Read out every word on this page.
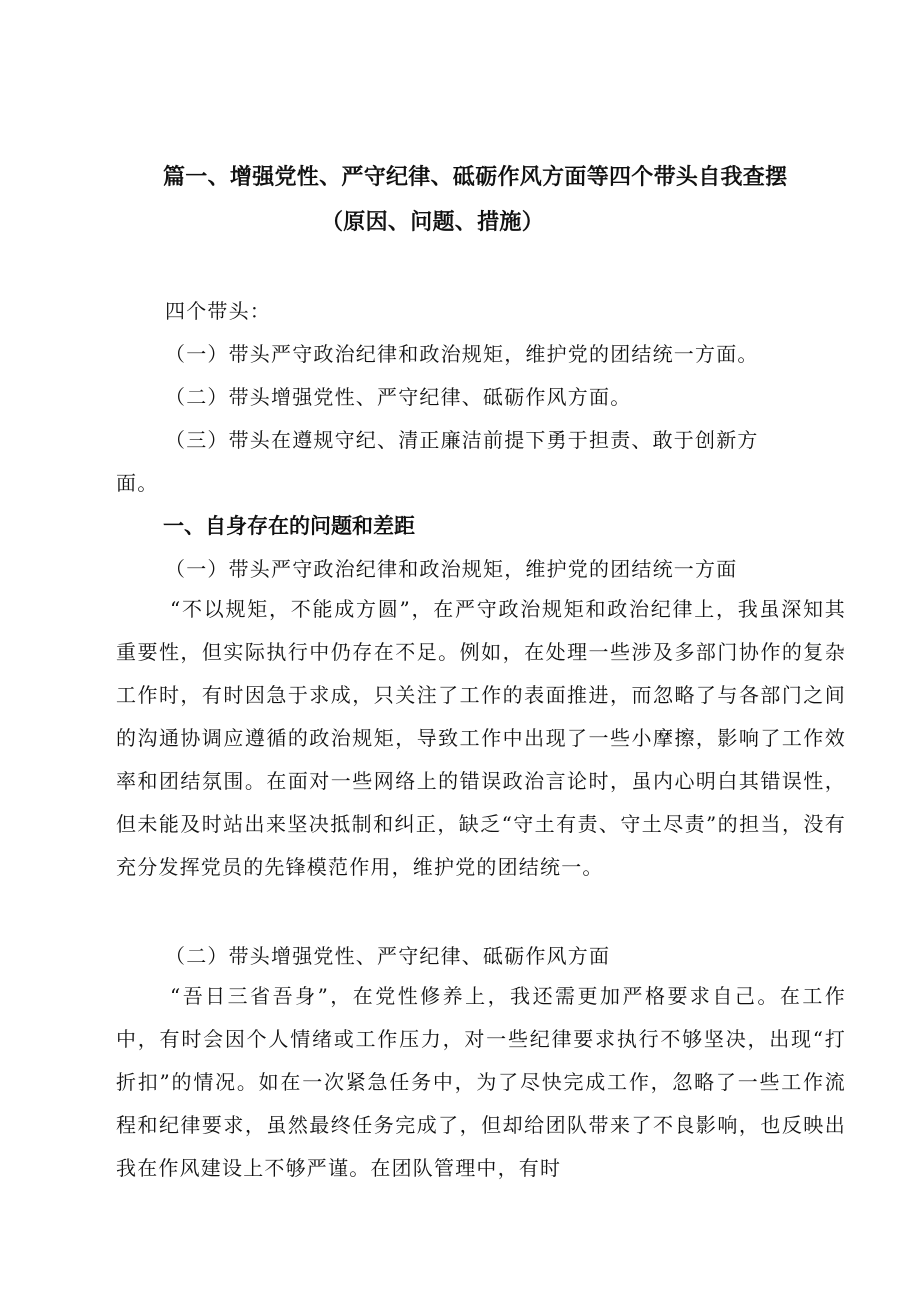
篇一、增强党性、严守纪律、砥砺作风方面等四个带头自我查摆
（原因、问题、措施）
四个带头：
（一）带头严守政治纪律和政治规矩，维护党的团结统一方面。
（二）带头增强党性、严守纪律、砥砺作风方面。
（三）带头在遵规守纪、清正廉洁前提下勇于担责、敢于创新方
面。
一、自身存在的问题和差距
（一）带头严守政治纪律和政治规矩，维护党的团结统一方面
“不以规矩，不能成方圆”，在严守政治规矩和政治纪律上，我虽深知其重要性，但实际执行中仍存在不足。例如，在处理一些涉及多部门协作的复杂工作时，有时因急于求成，只关注了工作的表面推进，而忽略了与各部门之间的沟通协调应遵循的政治规矩，导致工作中出现了一些小摩擦，影响了工作效率和团结氛围。在面对一些网络上的错误政治言论时，虽内心明白其错误性，但未能及时站出来坚决抵制和纠正，缺乏“守土有责、守土尽责”的担当，没有充分发挥党员的先锋模范作用，维护党的团结统一。
（二）带头增强党性、严守纪律、砥砺作风方面
“吾日三省吾身”，在党性修养上，我还需更加严格要求自己。在工作中，有时会因个人情绪或工作压力，对一些纪律要求执行不够坚决，出现“打折扣”的情况。如在一次紧急任务中，为了尽快完成工作，忽略了一些工作流程和纪律要求，虽然最终任务完成了，但却给团队带来了不良影响，也反映出我在作风建设上不够严谨。在团队管理中，有时
